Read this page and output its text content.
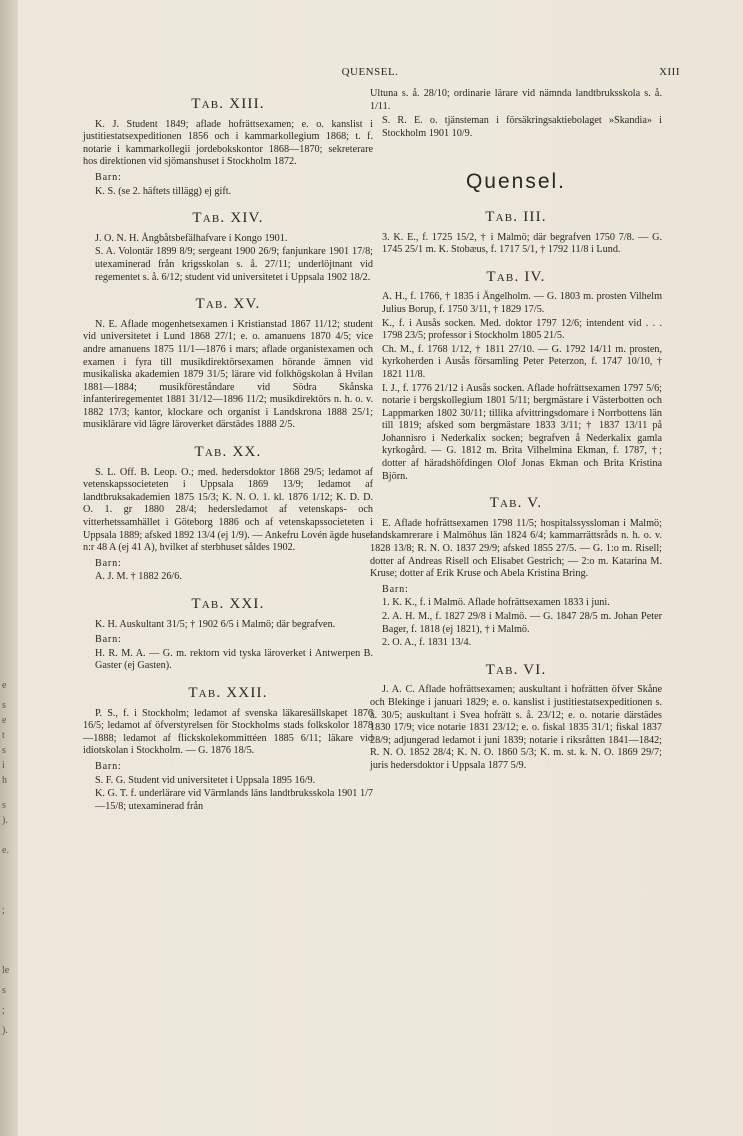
e
s
e
t
s
i
h
s
).
e.
;
le
s
;
).
QUENSEL.	XIII
Tab. XIII.
K. J. Student 1849; aflade hofrättsexamen; e. o. kanslist i justitiestatsexpeditionen 1856 och i kammarkollegium 1868; t. f. notarie i kammarkollegii jordebokskontor 1868—1870; sekreterare hos direktionen vid sjömanshuset i Stockholm 1872.
Barn:
K. S. (se 2. häftets tillägg) ej gift.
Tab. XIV.
J. O. N. H. Ångbåtsbefälhafvare i Kongo 1901.
S. A. Volontär 1899 8/9; sergeant 1900 26/9; fanjunkare 1901 17/8; utexaminerad från krigsskolan s. å. 27/11; underlöjtnant vid regementet s. å. 6/12; student vid universitetet i Uppsala 1902 18/2.
Tab. XV.
N. E. Aflade mogenhetsexamen i Kristianstad 1867 11/12; student vid universitetet i Lund 1868 27/1; e. o. amanuens 1870 4/5; vice andre amanuens 1875 11/1—1876 i mars; aflade organistexamen och examen i fyra till musikdirektörsexamen hörande ämnen vid musikaliska akademien 1879 31/5; lärare vid folkhögskolan å Hvilan 1881—1884; musikföreståndare vid Södra Skånska infanteriregementet 1881 31/12—1896 11/2; musikdirektörs n. h. o. v. 1882 17/3; kantor, klockare och organist i Landskrona 1888 25/1; musiklärare vid lägre läroverket därstädes 1888 2/5.
Tab. XX.
S. L. Off. B. Leop. O.; med. hedersdoktor 1868 29/5; ledamot af vetenskapssocieteten i Uppsala 1869 13/9; ledamot af landtbruksakademien 1875 15/3; K. N. O. 1. kl. 1876 1/12; K. D. D. O. 1. gr 1880 28/4; hedersledamot af vetenskaps- och vitterhetssamhället i Göteborg 1886 och af vetenskapssocieteten i Uppsala 1889; afsked 1892 13/4 (ej 1/9). — Ankefru Lovén ägde huset n:r 48 A (ej 41 A), hvilket af sterbhuset såldes 1902.
Barn:
A. J. M. † 1882 26/6.
Tab. XXI.
K. H. Auskultant 31/5; † 1902 6/5 i Malmö; där begrafven.
Barn:
H. R. M. A. — G. m. rektorn vid tyska läroverket i Antwerpen B. Gaster (ej Gasten).
Tab. XXII.
P. S., f. i Stockholm; ledamot af svenska läkaresällskapet 1876 16/5; ledamot af öfverstyrelsen för Stockholms stads folkskolor 1878—1888; ledamot af flickskolekommittéen 1885 6/11; läkare vid idiotskolan i Stockholm. — G. 1876 18/5.
Barn:
S. F. G. Student vid universitetet i Uppsala 1895 16/9.
K. G. T. f. underlärare vid Värmlands läns landtbruksskola 1901 1/7—15/8; utexaminerad från
Ultuna s. å. 28/10; ordinarie lärare vid nämnda landtbruksskola s. å. 1/11.
S. R. E. o. tjänsteman i försäkringsaktiebolaget »Skandia» i Stockholm 1901 10/9.
Quensel.
Tab. III.
3. K. E., f. 1725 15/2, † i Malmö; där begrafven 1750 7/8. — G. 1745 25/1 m. K. Stobæus, f. 1717 5/1, † 1792 11/8 i Lund.
Tab. IV.
A. H., f. 1766, † 1835 i Ängelholm. — G. 1803 m. prosten Vilhelm Julius Borup, f. 1750 3/11, † 1829 17/5.
K., f. i Ausås socken. Med. doktor 1797 12/6; intendent vid . . . 1798 23/5; professor i Stockholm 1805 21/5.
Ch. M., f. 1768 1/12, † 1811 27/10. — G. 1792 14/11 m. prosten, kyrkoherden i Ausås församling Peter Peterzon, f. 1747 10/10, † 1821 11/8.
I. J., f. 1776 21/12 i Ausås socken. Aflade hofrättsexamen 1797 5/6; notarie i bergskollegium 1801 5/11; bergmästare i Västerbotten och Lappmarken 1802 30/11; tillika afvittringsdomare i Norrbottens län till 1819; afsked som bergmästare 1833 3/11; † 1837 13/11 på Johannisro i Nederkalix socken; begrafven å Nederkalix gamla kyrkogård. — G. 1812 m. Brita Vilhelmina Ekman, f. 1787, †; dotter af häradshöfdingen Olof Jonas Ekman och Brita Kristina Björn.
Tab. V.
E. Aflade hofrättsexamen 1798 11/5; hospitalssyssloman i Malmö; landskamrerare i Malmöhus län 1824 6/4; kammarrättsråds n. h. o. v. 1828 13/8; R. N. O. 1837 29/9; afsked 1855 27/5. — G. 1:o m. Risell; dotter af Andreas Risell och Elisabet Gestrich; — 2:o m. Katarina M. Kruse; dotter af Erik Kruse och Abela Kristina Bring.
Barn:
1. K. K., f. i Malmö. Aflade hofrättsexamen 1833 i juni.
2. A. H. M., f. 1827 29/8 i Malmö. — G. 1847 28/5 m. Johan Peter Bager, f. 1818 (ej 1821), † i Malmö.
2. O. A., f. 1831 13/4.
Tab. VI.
J. A. C. Aflade hofrättsexamen; auskultant i hofrätten öfver Skåne och Blekinge i januari 1829; e. o. kanslist i justitiestatsexpeditionen s. å. 30/5; auskultant i Svea hofrätt s. å. 23/12; e. o. notarie därstädes 1830 17/9; vice notarie 1831 23/12; e. o. fiskal 1835 31/1; fiskal 1837 28/9; adjungerad ledamot i juni 1839; notarie i riksråtten 1841—1842; R. N. O. 1852 28/4; K. N. O. 1860 5/3; K. m. st. k. N. O. 1869 29/7; juris hedersdoktor i Uppsala 1877 5/9.
